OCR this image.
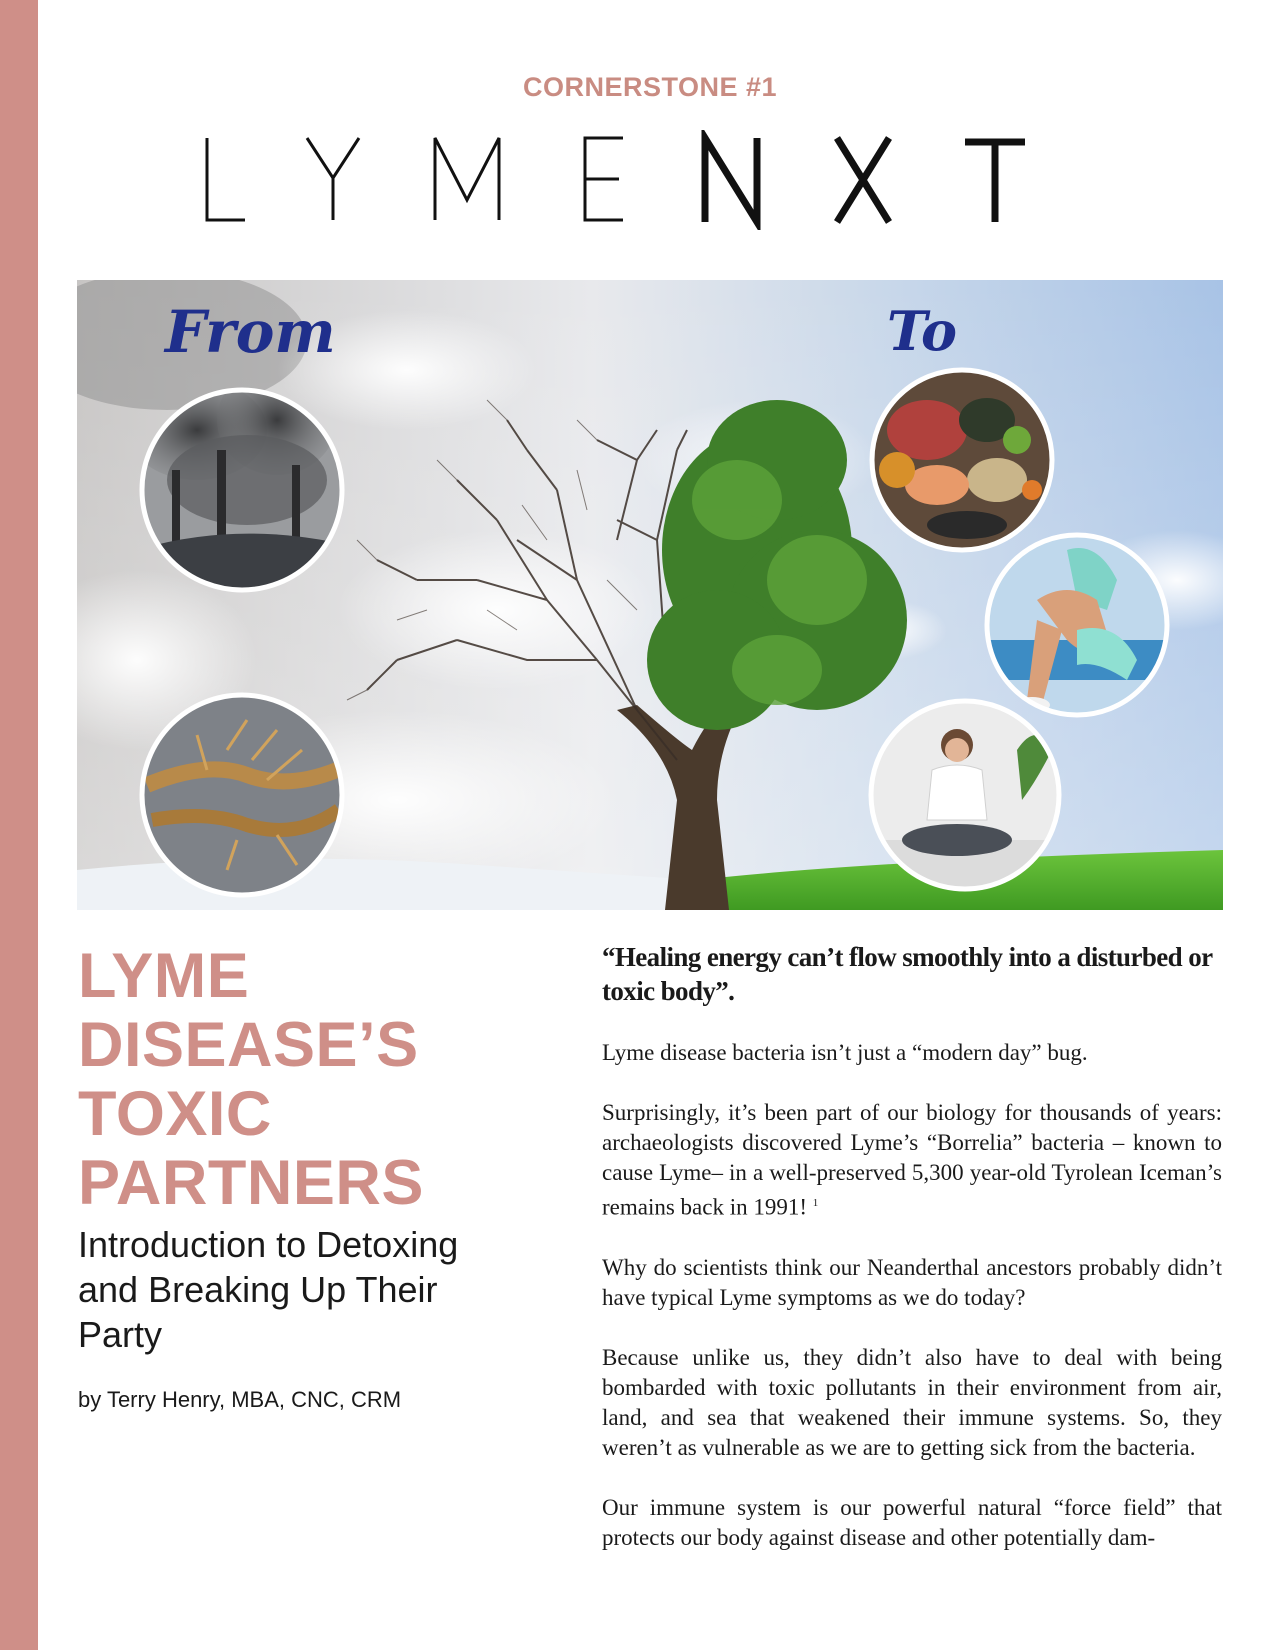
CORNERSTONE #1
LYME
From	To
LYME
DISEASE’S
TOXIC
PARTNERS
Introduction to Detoxing and Breaking Up Their Party
by Terry Henry, MBA, CNC, CRM
“Healing energy can’t flow smoothly into a disturbed or toxic body”.

Lyme disease bacteria isn’t just a “modern day” bug.

Surprisingly, it’s been part of our biology for thousands of years: archaeologists discovered Lyme’s “Borrelia” bacteria – known to cause Lyme– in a well-preserved 5,300 year-old Tyrolean Iceman’s remains back in 1991! $^1$

Why do scientists think our Neanderthal ancestors probably didn’t have typical Lyme symptoms as we do today?

Because unlike us, they didn’t also have to deal with being bombarded with toxic pollutants in their environment from air, land, and sea that weakened their immune systems. So, they weren’t as vulnerable as we are to getting sick from the bacteria.

Our immune system is our powerful natural “force field” that protects our body against disease and other potentially dam-
